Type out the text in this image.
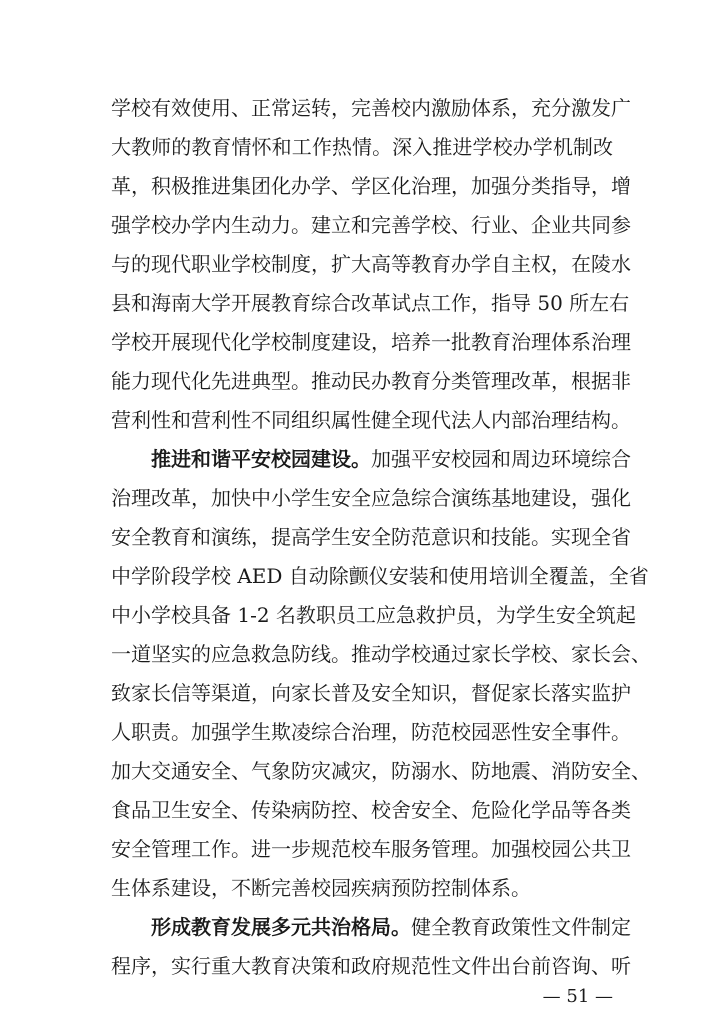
学校有效使用、正常运转，完善校内激励体系，充分激发广
大教师的教育情怀和工作热情。深入推进学校办学机制改
革，积极推进集团化办学、学区化治理，加强分类指导，增
强学校办学内生动力。建立和完善学校、行业、企业共同参
与的现代职业学校制度，扩大高等教育办学自主权，在陵水
县和海南大学开展教育综合改革试点工作，指导 50 所左右
学校开展现代化学校制度建设，培养一批教育治理体系治理
能力现代化先进典型。推动民办教育分类管理改革，根据非
营利性和营利性不同组织属性健全现代法人内部治理结构。
推进和谐平安校园建设。加强平安校园和周边环境综合
治理改革，加快中小学生安全应急综合演练基地建设，强化
安全教育和演练，提高学生安全防范意识和技能。实现全省
中学阶段学校 AED 自动除颤仪安装和使用培训全覆盖，全省
中小学校具备 1-2 名教职员工应急救护员，为学生安全筑起
一道坚实的应急救急防线。推动学校通过家长学校、家长会、
致家长信等渠道，向家长普及安全知识，督促家长落实监护
人职责。加强学生欺凌综合治理，防范校园恶性安全事件。
加大交通安全、气象防灾减灾，防溺水、防地震、消防安全、
食品卫生安全、传染病防控、校舍安全、危险化学品等各类
安全管理工作。进一步规范校车服务管理。加强校园公共卫
生体系建设，不断完善校园疾病预防控制体系。
形成教育发展多元共治格局。健全教育政策性文件制定
程序，实行重大教育决策和政府规范性文件出台前咨询、听
— 51 —
